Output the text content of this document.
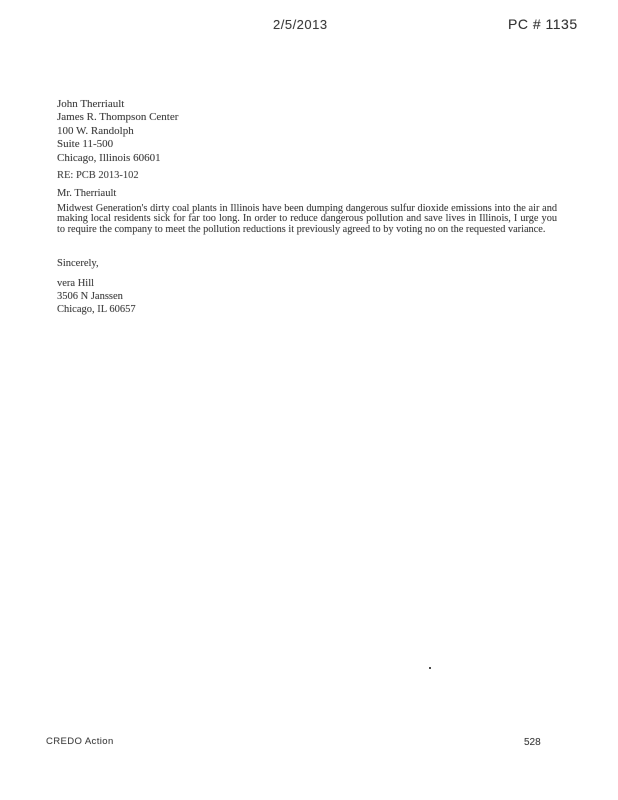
2/5/2013	PC # 1135
John Therriault
James R. Thompson Center
100 W. Randolph
Suite 11-500
Chicago, Illinois 60601
RE: PCB 2013-102
Mr. Therriault
Midwest Generation's dirty coal plants in Illinois have been dumping dangerous sulfur dioxide emissions into the air and making local residents sick for far too long. In order to reduce dangerous pollution and save lives in Illinois, I urge you to require the company to meet the pollution reductions it previously agreed to by voting no on the requested variance.
Sincerely,
vera Hill
3506 N Janssen
Chicago, IL 60657
CREDO Action	528
